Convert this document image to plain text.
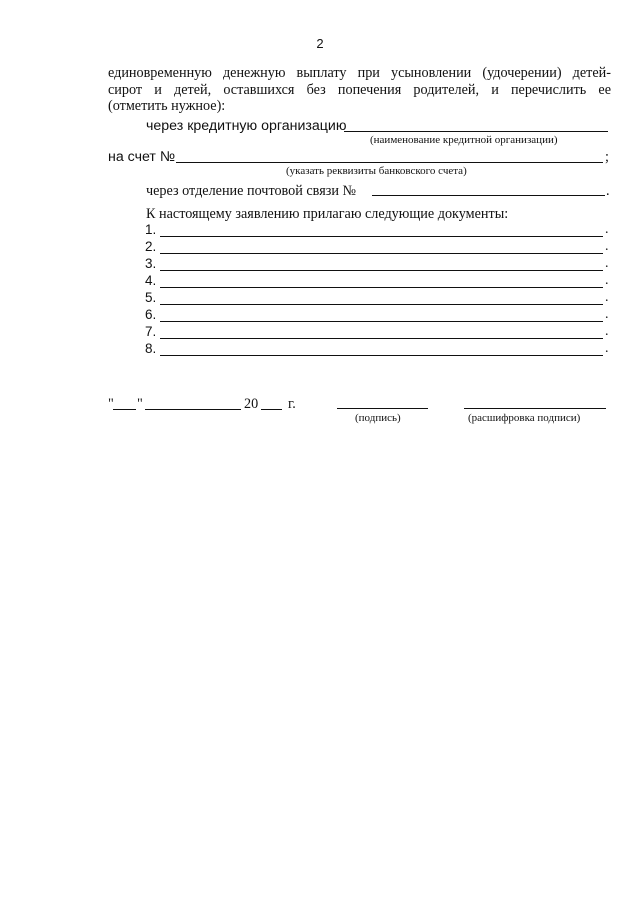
2
единовременную денежную выплату при усыновлении (удочерении) детей-
сирот и детей, оставшихся без попечения родителей, и перечислить ее
(отметить нужное):
через кредитную организацию
(наименование кредитной организации)
на счет №	;
(указать реквизиты банковского счета)
через отделение почтовой связи №	.
К настоящему заявлению прилагаю следующие документы:
1.	.
2.	.
3.	.
4.	.
5.	.
6.	.
7.	.
8.	.
" "	20 г.
(подпись)	(расшифровка подписи)
